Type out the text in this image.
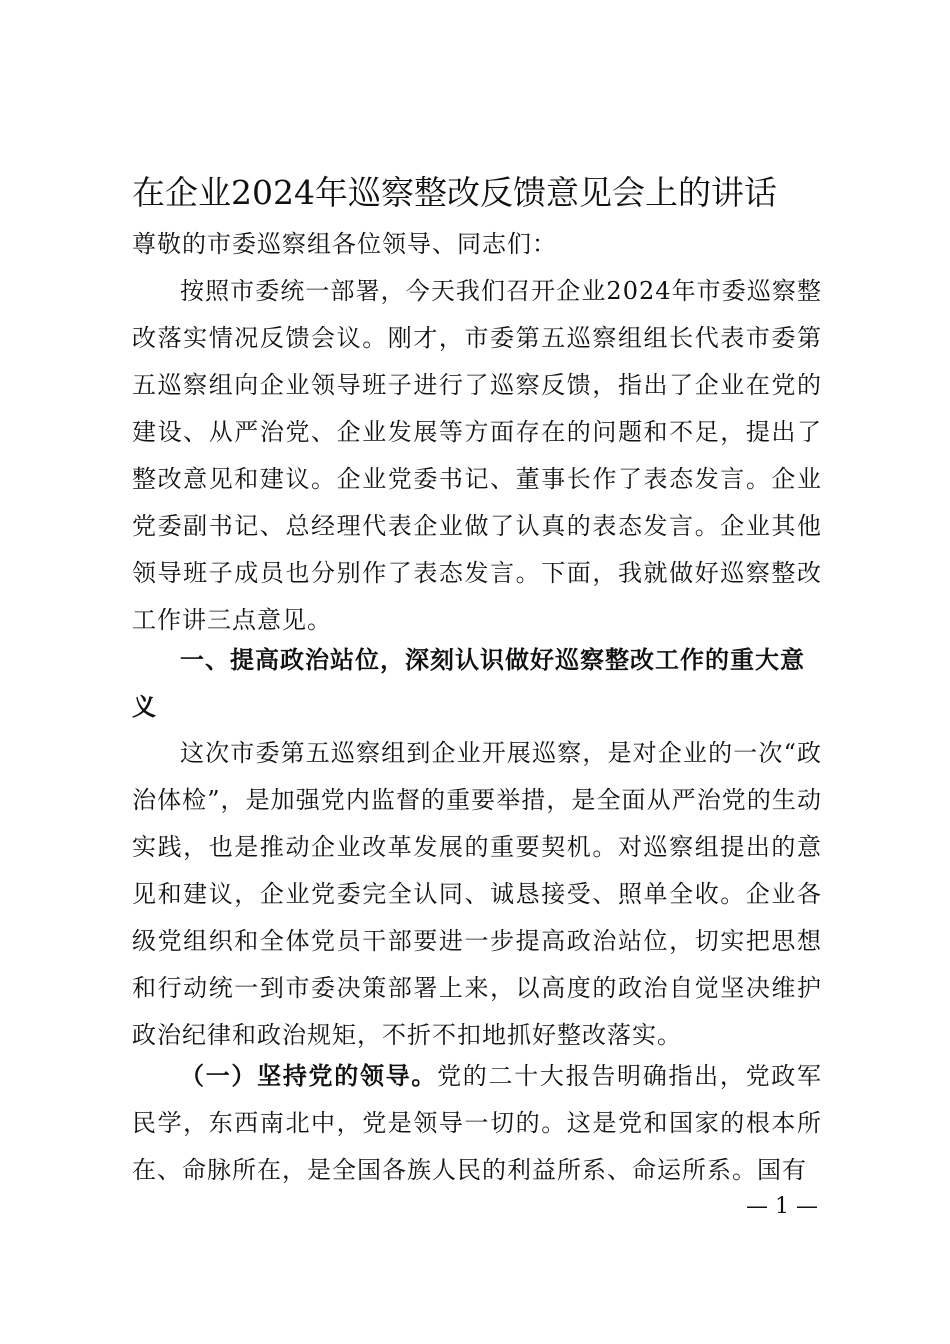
在企业2024年巡察整改反馈意见会上的讲话
尊敬的市委巡察组各位领导、同志们：
按照市委统一部署，今天我们召开企业2024年市委巡察整改落实情况反馈会议。刚才，市委第五巡察组组长代表市委第五巡察组向企业领导班子进行了巡察反馈，指出了企业在党的建设、从严治党、企业发展等方面存在的问题和不足，提出了整改意见和建议。企业党委书记、董事长作了表态发言。企业党委副书记、总经理代表企业做了认真的表态发言。企业其他领导班子成员也分别作了表态发言。下面，我就做好巡察整改工作讲三点意见。
一、提高政治站位，深刻认识做好巡察整改工作的重大意义
这次市委第五巡察组到企业开展巡察，是对企业的一次“政治体检”，是加强党内监督的重要举措，是全面从严治党的生动实践，也是推动企业改革发展的重要契机。对巡察组提出的意见和建议，企业党委完全认同、诚恳接受、照单全收。企业各级党组织和全体党员干部要进一步提高政治站位，切实把思想和行动统一到市委决策部署上来，以高度的政治自觉坚决维护政治纪律和政治规矩，不折不扣地抓好整改落实。
（一）坚持党的领导。党的二十大报告明确指出，党政军民学，东西南北中，党是领导一切的。这是党和国家的根本所在、命脉所在，是全国各族人民的利益所系、命运所系。国有
— 1 —
